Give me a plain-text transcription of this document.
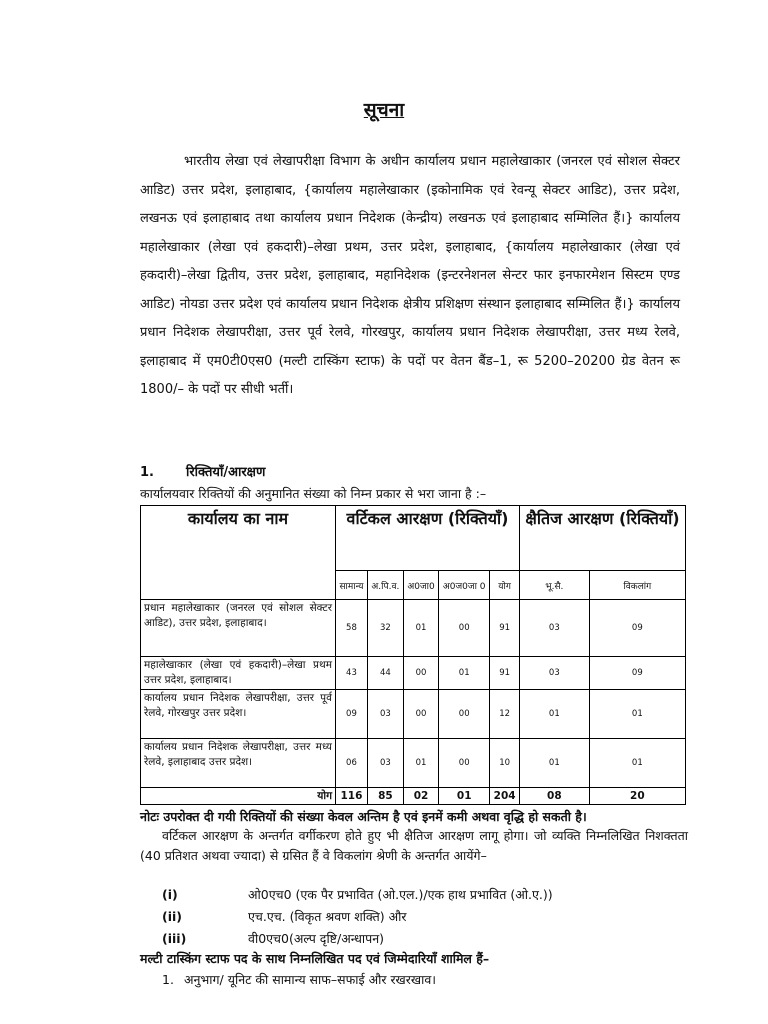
सूचना
भारतीय लेखा एवं लेखापरीक्षा विभाग के अधीन कार्यालय प्रधान महालेखाकार (जनरल एवं सोशल सेक्टर आडिट) उत्तर प्रदेश, इलाहाबाद, {कार्यालय महालेखाकार (इकोनामिक एवं रेवन्यू सेक्टर आडिट), उत्तर प्रदेश, लखनऊ एवं इलाहाबाद तथा कार्यालय प्रधान निदेशक (केन्द्रीय) लखनऊ एवं इलाहाबाद सम्मिलित हैं।} कार्यालय महालेखाकार (लेखा एवं हकदारी)–लेखा प्रथम, उत्तर प्रदेश, इलाहाबाद, {कार्यालय महालेखाकार (लेखा एवं हकदारी)–लेखा द्वितीय, उत्तर प्रदेश, इलाहाबाद, महानिदेशक (इन्टरनेशनल सेन्टर फार इनफारमेशन सिस्टम एण्ड आडिट) नोयडा उत्तर प्रदेश एवं कार्यालय प्रधान निदेशक क्षेत्रीय प्रशिक्षण संस्थान इलाहाबाद सम्मिलित हैं।} कार्यालय प्रधान निदेशक लेखापरीक्षा, उत्तर पूर्व रेलवे, गोरखपुर, कार्यालय प्रधान निदेशक लेखापरीक्षा, उत्तर मध्य रेलवे, इलाहाबाद में एम0टी0एस0 (मल्टी टास्किंग स्टाफ) के पदों पर वेतन बैंड–1, रू 5200–20200 ग्रेड वेतन रू 1800/– के पदों पर सीधी भर्ती।
1. रिक्तियॉं/आरक्षण
कार्यालयवार रिक्तियों की अनुमानित संख्या को निम्न प्रकार से भरा जाना है :–
कार्यालय का नाम	वर्टिकल आरक्षण (रिक्तियॉं)					क्षैतिज आरक्षण (रिक्तियॉं)	
	सामान्य	अ.पि.व.	अ0जा0	अ0ज0जा 0	योग	भू.सै.	विकलांग
प्रधान महालेखाकार (जनरल एवं सोशल सेक्टर आडिट), उत्तर प्रदेश, इलाहाबाद।	58	32	01	00	91	03	09
महालेखाकार (लेखा एवं हकदारी)–लेखा प्रथम उत्तर प्रदेश, इलाहाबाद।	43	44	00	01	91	03	09
कार्यालय प्रधान निदेशक लेखापरीक्षा, उत्तर पूर्व रेलवे, गोरखपुर उत्तर प्रदेश।	09	03	00	00	12	01	01
कार्यालय प्रधान निदेशक लेखापरीक्षा, उत्तर मध्य रेलवे, इलाहाबाद उत्तर प्रदेश।	06	03	01	00	10	01	01
योग	116	85	02	01	204	08	20
नोटः उपरोक्त दी गयी रिक्तियों की संख्या केवल अन्तिम है एवं इनमें कमी अथवा वृद्धि हो सकती है।
वर्टिकल आरक्षण के अन्तर्गत वर्गीकरण होते हुए भी क्षैतिज आरक्षण लागू होगा। जो व्यक्ति निम्नलिखित निशक्तता (40 प्रतिशत अथवा ज्यादा) से ग्रसित हैं वे विकलांग श्रेणी के अन्तर्गत आयेंगे–
(i)	ओ0एच0 (एक पैर प्रभावित (ओ.एल.)/एक हाथ प्रभावित (ओ.ए.))
(ii)	एच.एच. (विकृत श्रवण शक्ति) और
(iii)	वी0एच0(अल्प दृष्टि/अन्धापन)
मल्टी टास्किंग स्टाफ पद के साथ निम्नलिखित पद एवं जिम्मेदारियॉं शामिल हैं–
1. अनुभाग/ यूनिट की सामान्य साफ–सफाई और रखरखाव।
